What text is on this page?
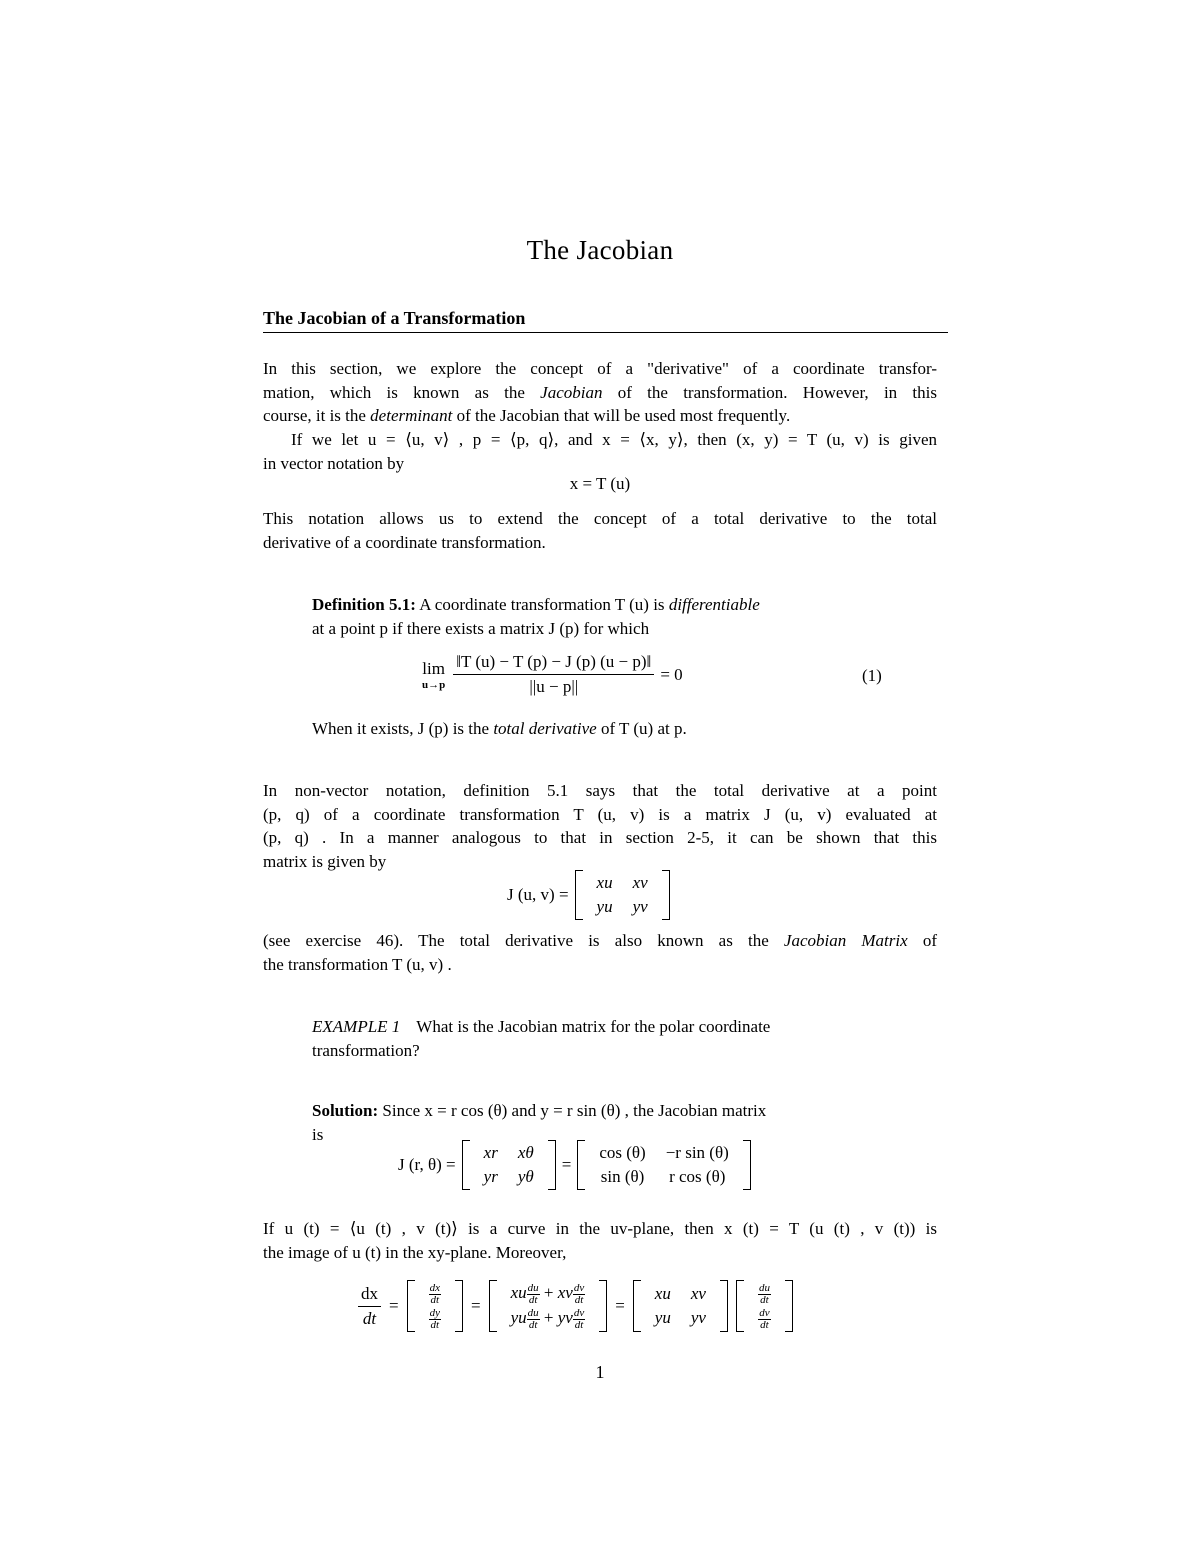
The Jacobian
The Jacobian of a Transformation
In this section, we explore the concept of a "derivative" of a coordinate transfor-
mation, which is known as the Jacobian of the transformation. However, in this
course, it is the determinant of the Jacobian that will be used most frequently.
If we let u = ⟨u, v⟩ , p = ⟨p, q⟩, and x = ⟨x, y⟩, then (x, y) = T (u, v) is given
in vector notation by
x = T (u)
This notation allows us to extend the concept of a total derivative to the total
derivative of a coordinate transformation.
Definition 5.1: A coordinate transformation T (u) is differentiable
at a point p if there exists a matrix J (p) for which
lim
$u\to p \frac{‖T (u) - T (p) - J (p) (u - p)‖}{||u - p||} = 0$	(1)
When it exists, J (p) is the total derivative of T (u) at p.
In non-vector notation, definition 5.1 says that the total derivative at a point
(p, q) of a coordinate transformation T (u, v) is a matrix J (u, v) evaluated at
(p, q) . In a manner analogous to that in section 2-5, it can be shown that this
matrix is given by
J (u, v) =
xu	xv
yu	yv
(see exercise 46). The total derivative is also known as the Jacobian Matrix of
the transformation T (u, v) .
EXAMPLE 1 What is the Jacobian matrix for the polar coordinate
transformation?
Solution: Since x = r cos (θ) and y = r sin (θ) , the Jacobian matrix
is
J (r, θ) =
xr	xθ
yr	yθ
=
cos (θ)	−r sin (θ)
sin (θ)	r cos (θ)
If u (t) = ⟨u (t) , v (t)⟩ is a curve in the uv-plane, then x (t) = T (u (t) , v (t)) is
the image of u (t) in the xy-plane. Moreover,
$\frac{dx}{dt}$ =	$\frac{dx}{dt}$

$\frac{dy}{dt}$
=
xu $\frac{du}{dt}$ + xv $\frac{dv}{dt}$

yu $\frac{du}{dt}$ + yv $\frac{dv}{dt}$
=
xu	xv
yu	yv
$\frac{du}{dt}$

$\frac{dv}{dt}$
1
